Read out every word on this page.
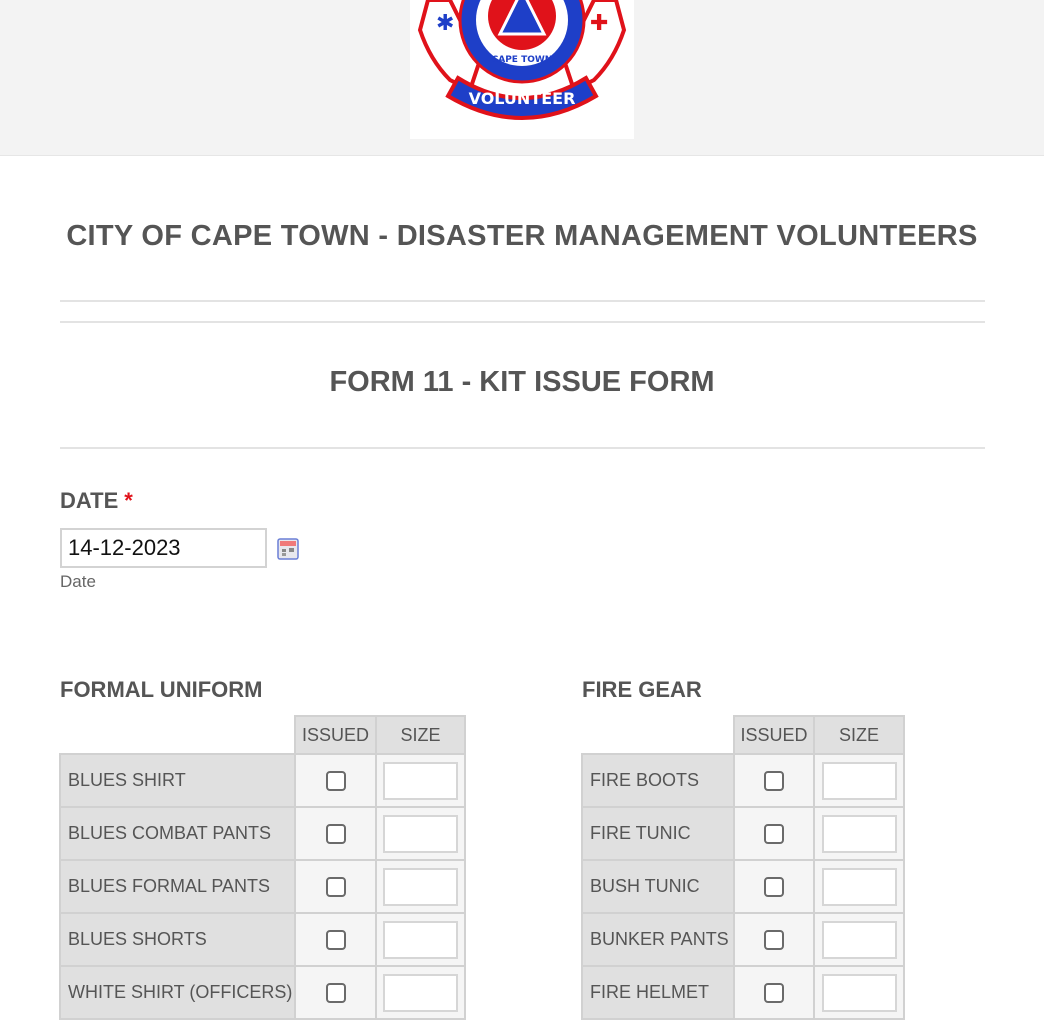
✱	✚
CAPE TOWN
VOLUNTEER
CITY OF CAPE TOWN - DISASTER MANAGEMENT VOLUNTEERS
FORM 11 - KIT ISSUE FORM
DATE *
14-12-2023
Date
FORMAL UNIFORM
	ISSUED	SIZE
BLUES SHIRT		
BLUES COMBAT PANTS		
BLUES FORMAL PANTS		
BLUES SHORTS		
WHITE SHIRT (OFFICERS)		
FIRE GEAR
	ISSUED	SIZE
FIRE BOOTS		
FIRE TUNIC		
BUSH TUNIC		
BUNKER PANTS		
FIRE HELMET		
